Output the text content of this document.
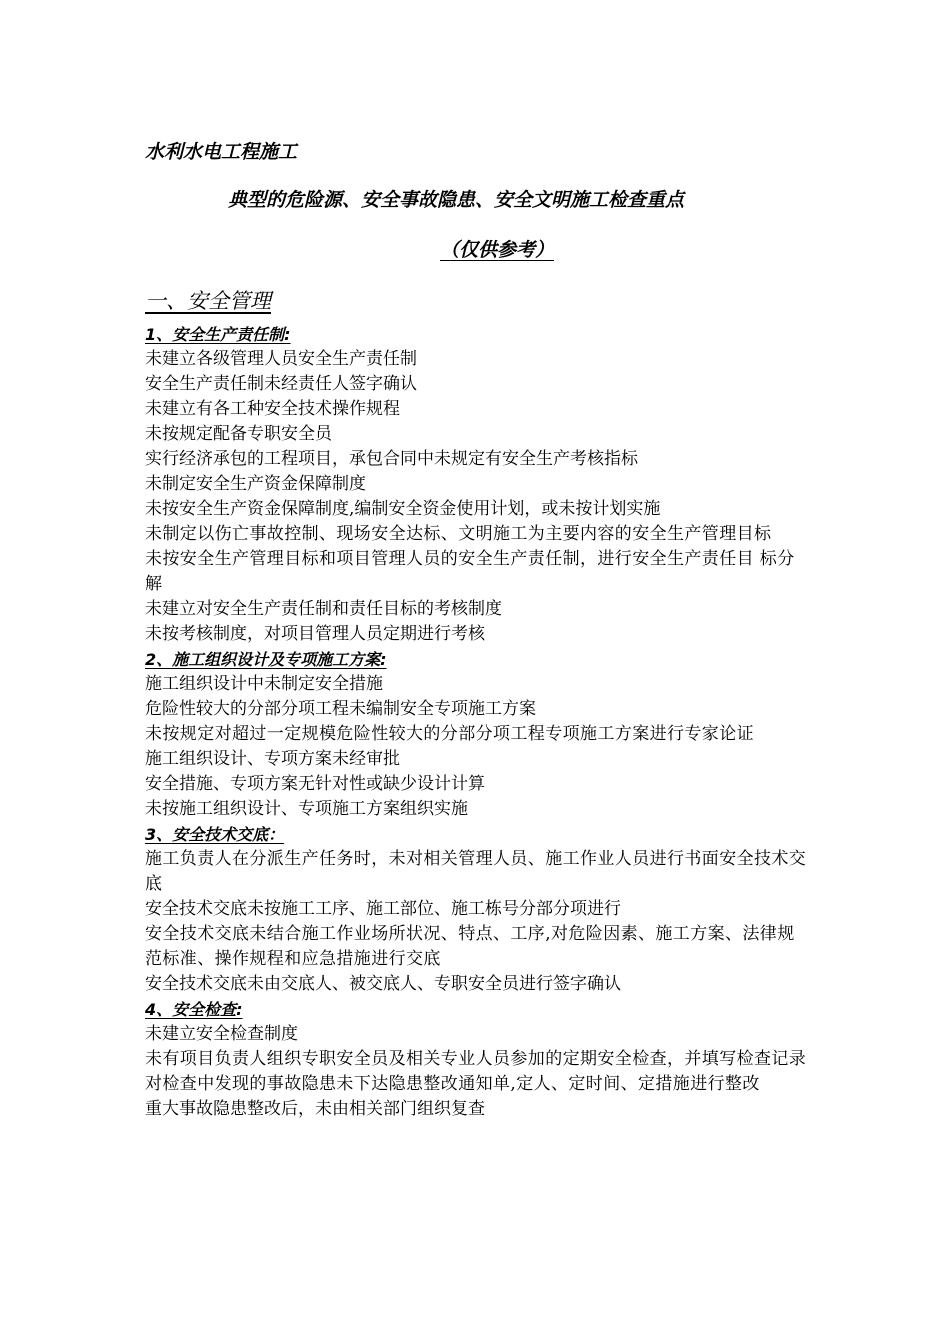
水利水电工程施工

典型的危险源、安全事故隐患、安全文明施工检查重点

（仅供参考）

一、安全管理

1、安全生产责任制:

未建立各级管理人员安全生产责任制

安全生产责任制未经责任人签字确认

未建立有各工种安全技术操作规程

未按规定配备专职安全员

实行经济承包的工程项目，承包合同中未规定有安全生产考核指标

未制定安全生产资金保障制度

未按安全生产资金保障制度,编制安全资金使用计划，或未按计划实施

未制定以伤亡事故控制、现场安全达标、文明施工为主要内容的安全生产管理目标

未按安全生产管理目标和项目管理人员的安全生产责任制，进行安全生产责任目 标分解

未建立对安全生产责任制和责任目标的考核制度

未按考核制度，对项目管理人员定期进行考核

2、施工组织设计及专项施工方案:

施工组织设计中未制定安全措施

危险性较大的分部分项工程未编制安全专项施工方案

未按规定对超过一定规模危险性较大的分部分项工程专项施工方案进行专家论证

施工组织设计、专项方案未经审批

安全措施、专项方案无针对性或缺少设计计算

未按施工组织设计、专项施工方案组织实施

3、安全技术交底：

施工负责人在分派生产任务时，未对相关管理人员、施工作业人员进行书面安全技术交底

安全技术交底未按施工工序、施工部位、施工栋号分部分项进行

安全技术交底未结合施工作业场所状况、特点、工序,对危险因素、施工方案、法律规范标准、操作规程和应急措施进行交底

安全技术交底未由交底人、被交底人、专职安全员进行签字确认

4、安全检查:

未建立安全检查制度

未有项目负责人组织专职安全员及相关专业人员参加的定期安全检查，并填写检查记录

对检查中发现的事故隐患未下达隐患整改通知单,定人、定时间、定措施进行整改

重大事故隐患整改后，未由相关部门组织复查
